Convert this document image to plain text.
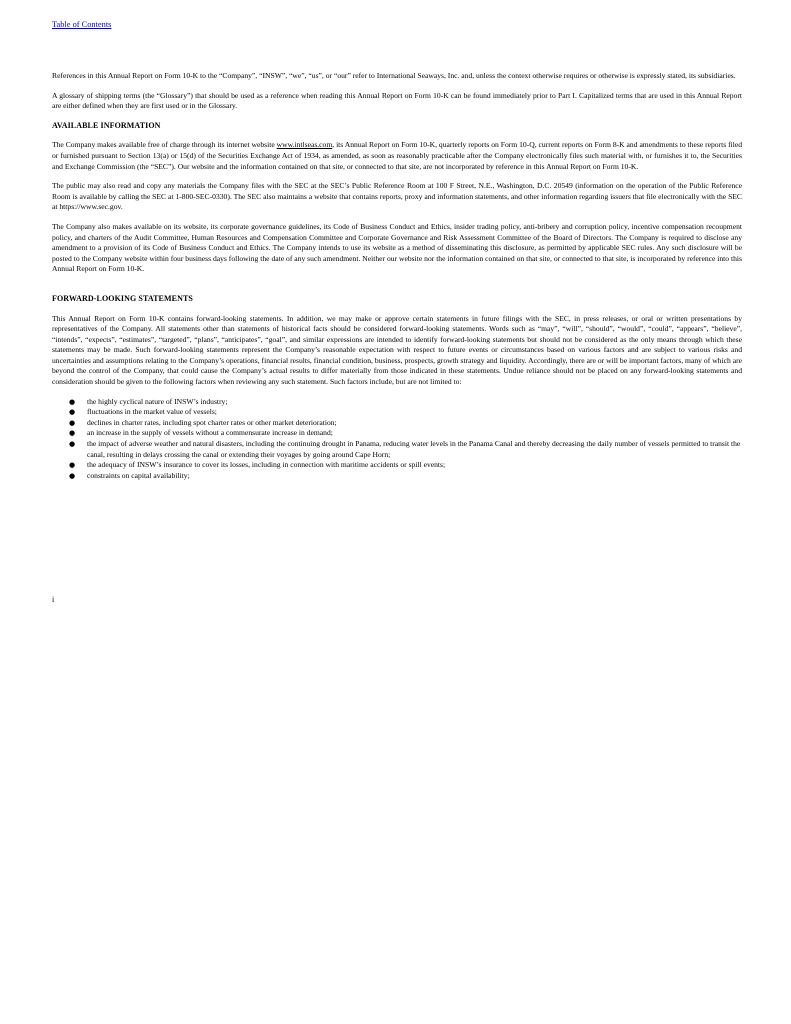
Table of Contents

References in this Annual Report on Form 10-K to the “Company”, “INSW”, “we”, “us”, or “our” refer to International Seaways, Inc. and, unless the context otherwise requires or otherwise is expressly stated, its subsidiaries.

A glossary of shipping terms (the “Glossary”) that should be used as a reference when reading this Annual Report on Form 10-K can be found immediately prior to Part I. Capitalized terms that are used in this Annual Report are either defined when they are first used or in the Glossary.

AVAILABLE INFORMATION

The Company makes available free of charge through its internet website www.intlseas.com, its Annual Report on Form 10-K, quarterly reports on Form 10-Q, current reports on Form 8-K and amendments to these reports filed or furnished pursuant to Section 13(a) or 15(d) of the Securities Exchange Act of 1934, as amended, as soon as reasonably practicable after the Company electronically files such material with, or furnishes it to, the Securities and Exchange Commission (the “SEC”). Our website and the information contained on that site, or connected to that site, are not incorporated by reference in this Annual Report on Form 10-K.

The public may also read and copy any materials the Company files with the SEC at the SEC’s Public Reference Room at 100 F Street, N.E., Washington, D.C. 20549 (information on the operation of the Public Reference Room is available by calling the SEC at 1-800-SEC-0330). The SEC also maintains a website that contains reports, proxy and information statements, and other information regarding issuers that file electronically with the SEC at https://www.sec.gov.

The Company also makes available on its website, its corporate governance guidelines, its Code of Business Conduct and Ethics, insider trading policy, anti-bribery and corruption policy, incentive compensation recoupment policy, and charters of the Audit Committee, Human Resources and Compensation Committee and Corporate Governance and Risk Assessment Committee of the Board of Directors. The Company is required to disclose any amendment to a provision of its Code of Business Conduct and Ethics. The Company intends to use its website as a method of disseminating this disclosure, as permitted by applicable SEC rules. Any such disclosure will be posted to the Company website within four business days following the date of any such amendment. Neither our website nor the information contained on that site, or connected to that site, is incorporated by reference into this Annual Report on Form 10-K.

FORWARD-LOOKING STATEMENTS

This Annual Report on Form 10-K contains forward-looking statements. In addition, we may make or approve certain statements in future filings with the SEC, in press releases, or oral or written presentations by representatives of the Company. All statements other than statements of historical facts should be considered forward-looking statements. Words such as “may”, “will”, “should”, “would”, “could”, “appears”, “believe”, “intends”, “expects”, “estimates”, “targeted”, “plans”, “anticipates”, “goal”, and similar expressions are intended to identify forward-looking statements but should not be considered as the only means through which these statements may be made. Such forward-looking statements represent the Company’s reasonable expectation with respect to future events or circumstances based on various factors and are subject to various risks and uncertainties and assumptions relating to the Company’s operations, financial results, financial condition, business, prospects, growth strategy and liquidity. Accordingly, there are or will be important factors, many of which are beyond the control of the Company, that could cause the Company’s actual results to differ materially from those indicated in these statements. Undue reliance should not be placed on any forward-looking statements and consideration should be given to the following factors when reviewing any such statement. Such factors include, but are not limited to:

● the highly cyclical nature of INSW’s industry;
● fluctuations in the market value of vessels;
● declines in charter rates, including spot charter rates or other market deterioration;
● an increase in the supply of vessels without a commensurate increase in demand;
● the impact of adverse weather and natural disasters, including the continuing drought in Panama, reducing water levels in the Panama Canal and thereby decreasing the daily number of vessels permitted to transit the canal, resulting in delays crossing the canal or extending their voyages by going around Cape Horn;
● the adequacy of INSW’s insurance to cover its losses, including in connection with maritime accidents or spill events;
● constraints on capital availability;
i
